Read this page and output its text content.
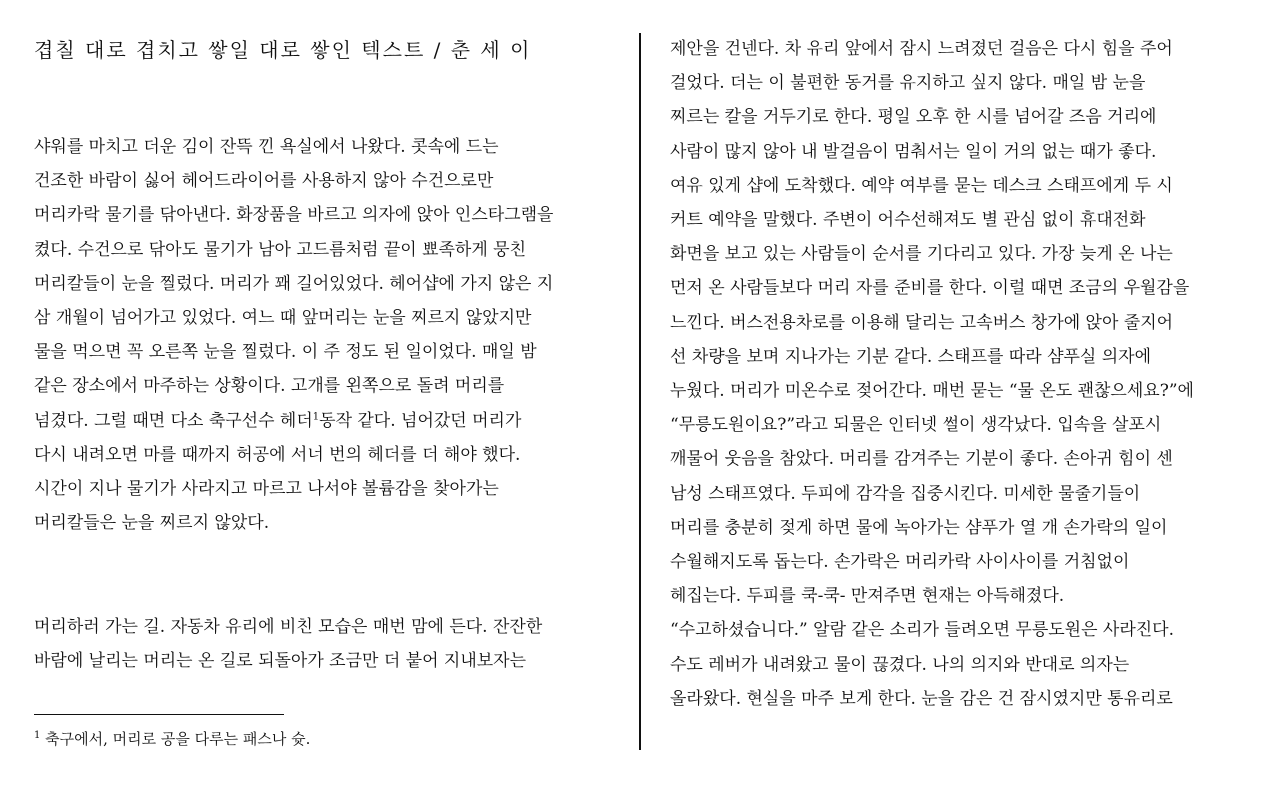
겹칠 대로 겹치고 쌓일 대로 쌓인 텍스트 / 춘 세 이
샤워를 마치고 더운 김이 잔뜩 낀 욕실에서 나왔다. 콧속에 드는
건조한 바람이 싫어 헤어드라이어를 사용하지 않아 수건으로만
머리카락 물기를 닦아낸다. 화장품을 바르고 의자에 앉아 인스타그램을
켰다. 수건으로 닦아도 물기가 남아 고드름처럼 끝이 뾰족하게 뭉친
머리칼들이 눈을 찔렀다. 머리가 꽤 길어있었다. 헤어샵에 가지 않은 지
삼 개월이 넘어가고 있었다. 여느 때 앞머리는 눈을 찌르지 않았지만
물을 먹으면 꼭 오른쪽 눈을 찔렀다. 이 주 정도 된 일이었다. 매일 밤
같은 장소에서 마주하는 상황이다. 고개를 왼쪽으로 돌려 머리를
넘겼다. 그럴 때면 다소 축구선수 헤더$^1$동작 같다. 넘어갔던 머리가
다시 내려오면 마를 때까지 허공에 서너 번의 헤더를 더 해야 했다.
시간이 지나 물기가 사라지고 마르고 나서야 볼륨감을 찾아가는
머리칼들은 눈을 찌르지 않았다.
머리하러 가는 길. 자동차 유리에 비친 모습은 매번 맘에 든다. 잔잔한
바람에 날리는 머리는 온 길로 되돌아가 조금만 더 붙어 지내보자는
$^1$ 축구에서, 머리로 공을 다루는 패스나 슛.
제안을 건넨다. 차 유리 앞에서 잠시 느려졌던 걸음은 다시 힘을 주어
걸었다. 더는 이 불편한 동거를 유지하고 싶지 않다. 매일 밤 눈을
찌르는 칼을 거두기로 한다. 평일 오후 한 시를 넘어갈 즈음 거리에
사람이 많지 않아 내 발걸음이 멈춰서는 일이 거의 없는 때가 좋다.
여유 있게 샵에 도착했다. 예약 여부를 묻는 데스크 스태프에게 두 시
커트 예약을 말했다. 주변이 어수선해져도 별 관심 없이 휴대전화
화면을 보고 있는 사람들이 순서를 기다리고 있다. 가장 늦게 온 나는
먼저 온 사람들보다 머리 자를 준비를 한다. 이럴 때면 조금의 우월감을
느낀다. 버스전용차로를 이용해 달리는 고속버스 창가에 앉아 줄지어
선 차량을 보며 지나가는 기분 같다. 스태프를 따라 샴푸실 의자에
누웠다. 머리가 미온수로 젖어간다. 매번 묻는 “물 온도 괜찮으세요?”에
“무릉도원이요?”라고 되물은 인터넷 썰이 생각났다. 입속을 살포시
깨물어 웃음을 참았다. 머리를 감겨주는 기분이 좋다. 손아귀 힘이 센
남성 스태프였다. 두피에 감각을 집중시킨다. 미세한 물줄기들이
머리를 충분히 젖게 하면 물에 녹아가는 샴푸가 열 개 손가락의 일이
수월해지도록 돕는다. 손가락은 머리카락 사이사이를 거침없이
헤집는다. 두피를 쿡-쿡- 만져주면 현재는 아득해졌다.
“수고하셨습니다.” 알람 같은 소리가 들려오면 무릉도원은 사라진다.
수도 레버가 내려왔고 물이 끊겼다. 나의 의지와 반대로 의자는
올라왔다. 현실을 마주 보게 한다. 눈을 감은 건 잠시였지만 통유리로
